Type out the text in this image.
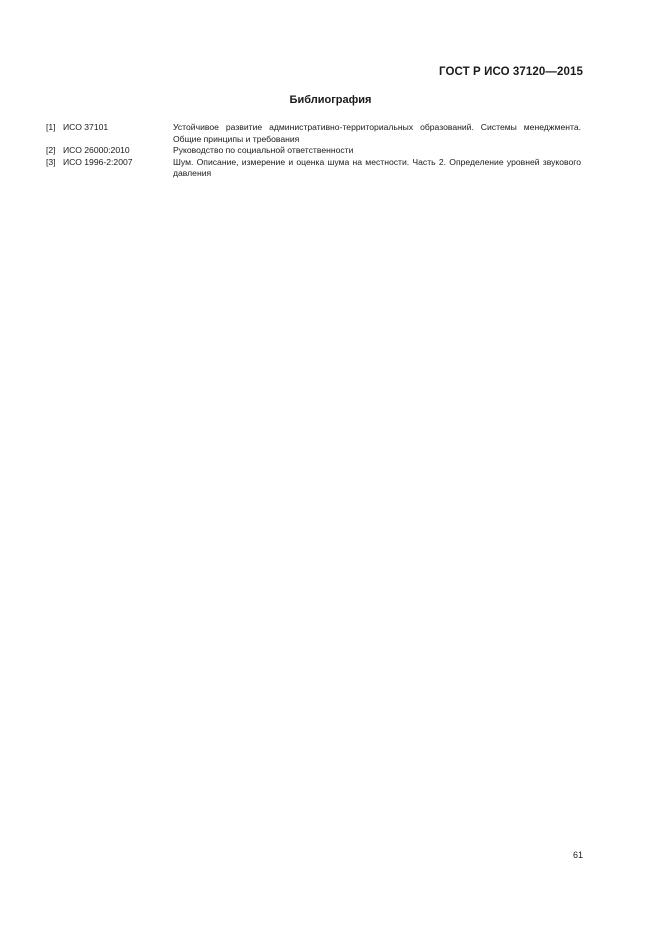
ГОСТ Р ИСО 37120—2015
Библиография
[1] ИСО 37101	Устойчивое развитие административно-территориальных образований. Системы менеджмента. Общие принципы и требования
[2] ИСО 26000:2010	Руководство по социальной ответственности
[3] ИСО 1996-2:2007	Шум. Описание, измерение и оценка шума на местности. Часть 2. Определение уровней звукового давления
61
